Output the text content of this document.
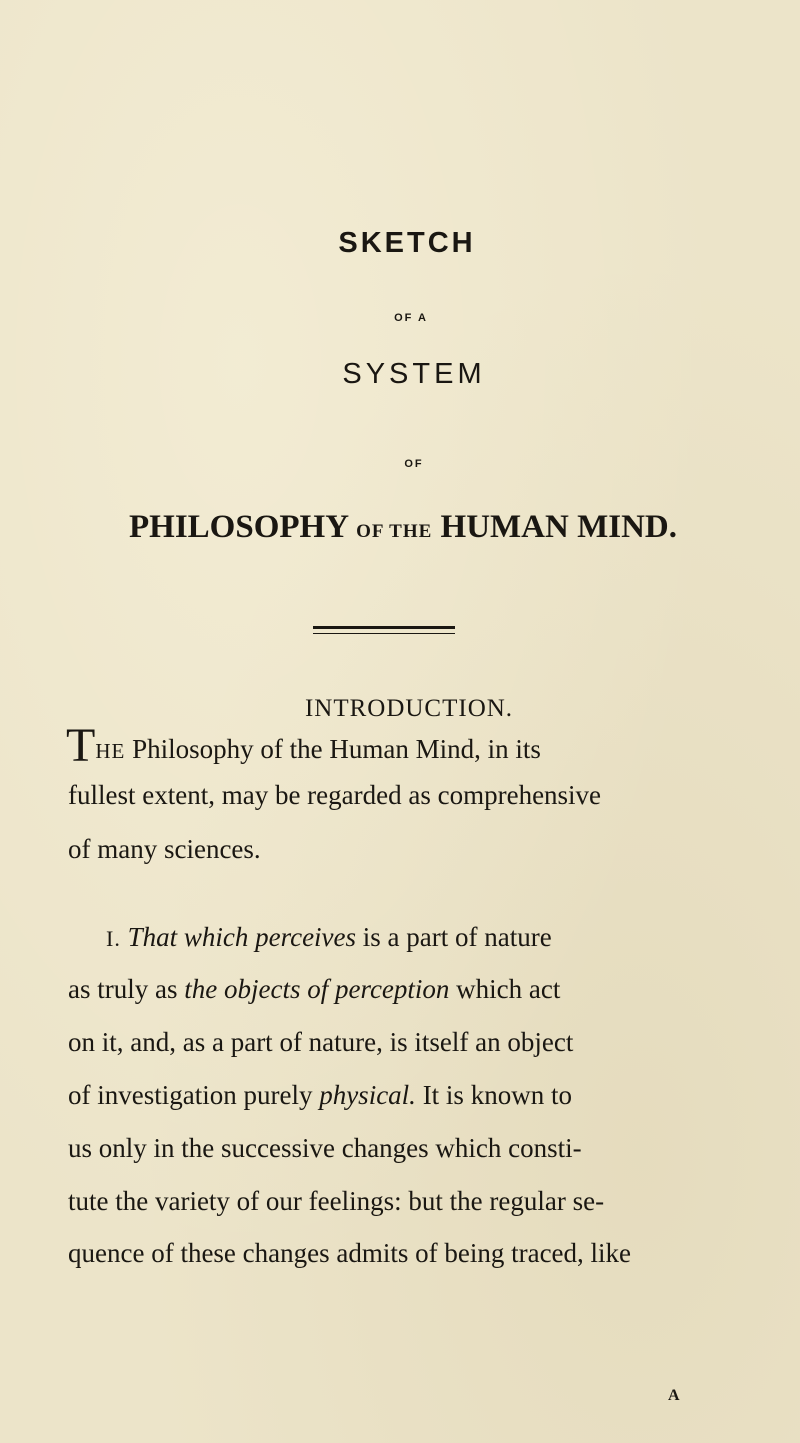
SKETCH
OF A
SYSTEM
OF
PHILOSOPHY OF THE HUMAN MIND.
INTRODUCTION.
THE Philosophy of the Human Mind, in its
fullest extent, may be regarded as comprehensive
of many sciences.
I. That which perceives is a part of nature
as truly as the objects of perception which act
on it, and, as a part of nature, is itself an object
of investigation purely physical. It is known to
us only in the successive changes which consti-
tute the variety of our feelings: but the regular se-
quence of these changes admits of being traced, like
A
